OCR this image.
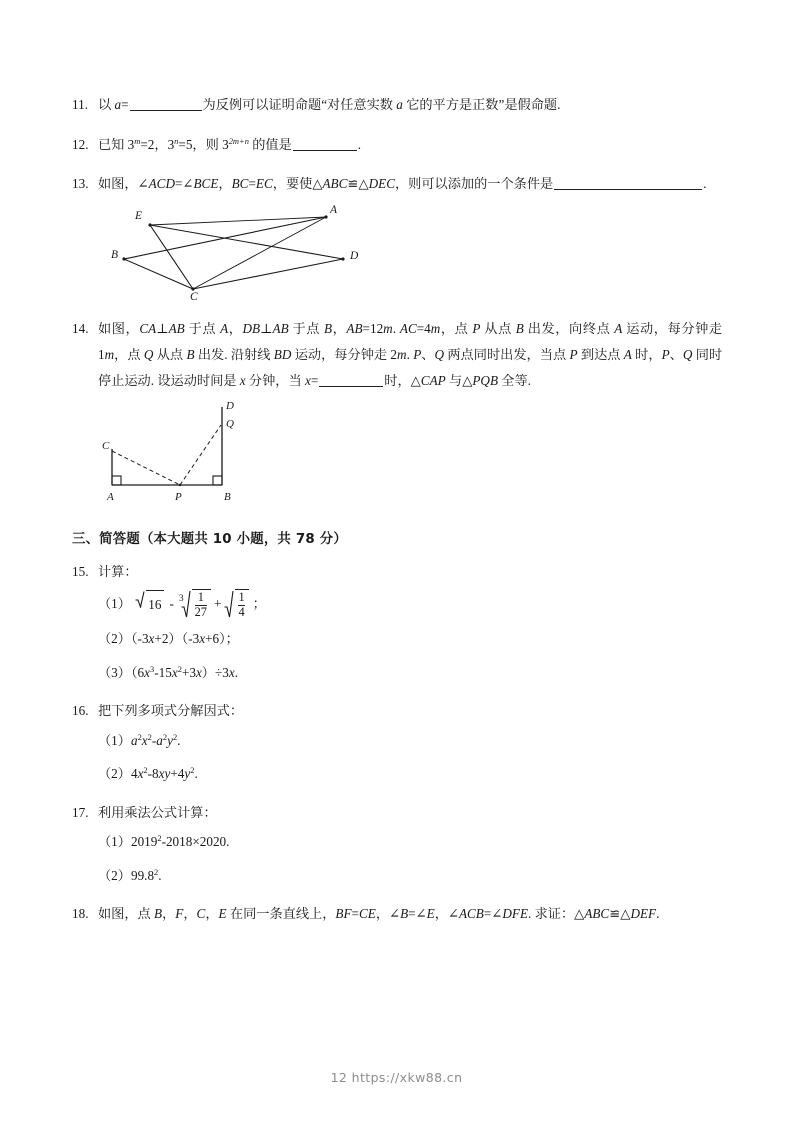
11. 以 a=	为反例可以证明命题“对任意实数 a 它的平方是正数”是假命题.
12. 已知 $3^m=2$，$3^n=5$，则 $3^{2m+n}$ 的值是	.
13. 如图，∠ACD=∠BCE，BC=EC，要使△ABC≌△DEC，则可以添加的一个条件是	.
E	A
B	D
C
14. 如图，CA⊥AB 于点 A，DB⊥AB 于点 B，AB=12m. AC=4m，点 P 从点 B 出发，向终点 A 运动，每分钟走 1m，点 Q 从点 B 出发. 沿射线 BD 运动，每分钟走 2m. P、Q 两点同时出发，当点 P 到达点 A 时，P、Q 同时停止运动. 设运动时间是 x 分钟，当 x=	时，△CAP 与△PQB 全等.
D
Q
C
A	P	B
三、简答题（本大题共 10 小题，共 78 分）
15. 计算：
（1） $16 - 3 \frac{1}{27} + \frac{1}{4}$ ；
（2）（-3x+2）（-3x+6）；
$(3)(6x^3-15x^2+3x)\div 3x$.
16. 把下列多项式分解因式：
$(1)a^2x^2-a^2y^2$.
$(2)4x^2-8xy+4y^2$.
17. 利用乘法公式计算：
$(1)2019^2-2018\times 2020$.
（2）99.8$^2$.
18. 如图，点 B，F，C，E 在同一条直线上，BF=CE，∠B=∠E，∠ACB=∠DFE. 求证：△ABC≌△DEF.
12 https://xkw88.cn
